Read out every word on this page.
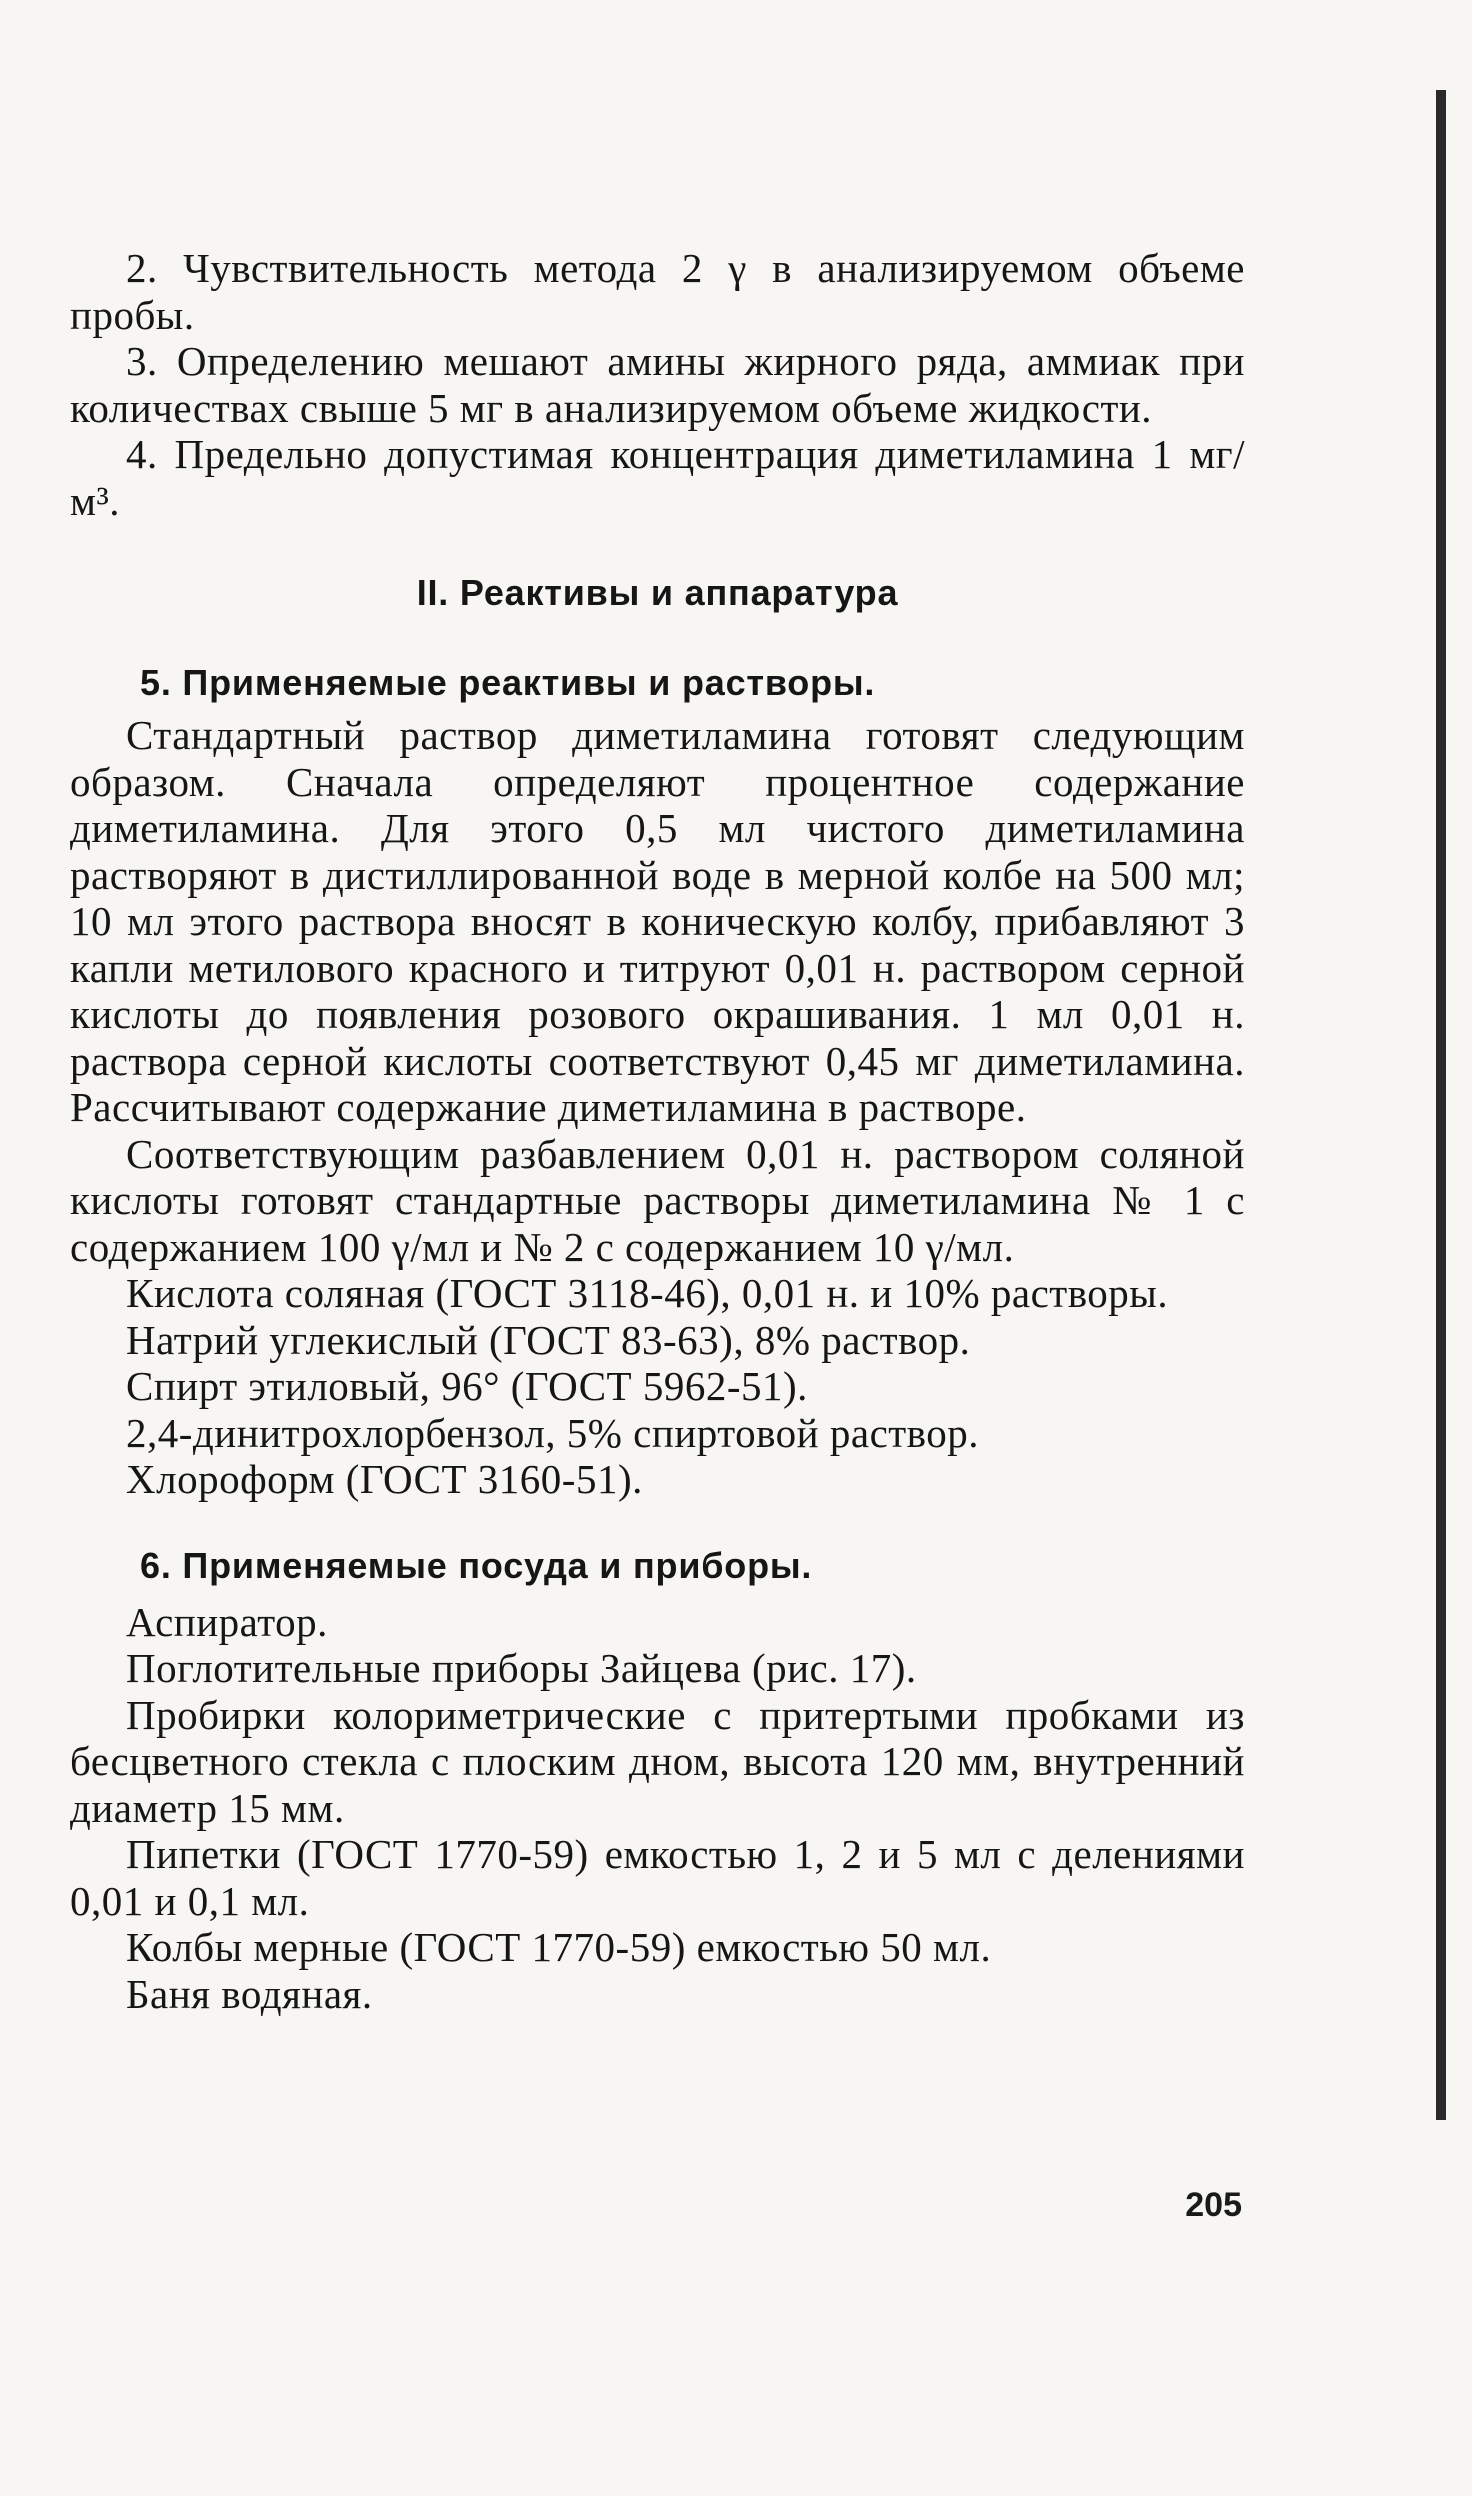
2. Чувствительность метода 2 γ в анализируемом объеме пробы.

3. Определению мешают амины жирного ряда, аммиак при количествах свыше 5 мг в анализируемом объеме жидкости.

4. Предельно допустимая концентрация диметиламина 1 мг/м³.

II. Реактивы и аппаратура
5. Применяемые реактивы и растворы.

Стандартный раствор диметиламина готовят следующим образом. Сначала определяют процентное содержание диметиламина. Для этого 0,5 мл чистого диметиламина растворяют в дистиллированной воде в мерной колбе на 500 мл; 10 мл этого раствора вносят в коническую колбу, прибавляют 3 капли метилового красного и титруют 0,01 н. раствором серной кислоты до появления розового окрашивания. 1 мл 0,01 н. раствора серной кислоты соответствуют 0,45 мг диметиламина. Рассчитывают содержание диметиламина в растворе.

Соответствующим разбавлением 0,01 н. раствором соляной кислоты готовят стандартные растворы диметиламина № 1 с содержанием 100 γ/мл и № 2 с содержанием 10 γ/мл.

Кислота соляная (ГОСТ 3118-46), 0,01 н. и 10% растворы.

Натрий углекислый (ГОСТ 83-63), 8% раствор.

Спирт этиловый, 96° (ГОСТ 5962-51).

2,4-динитрохлорбензол, 5% спиртовой раствор.

Хлороформ (ГОСТ 3160-51).

6. Применяемые посуда и приборы.

Аспиратор.

Поглотительные приборы Зайцева (рис. 17).

Пробирки колориметрические с притертыми пробками из бесцветного стекла с плоским дном, высота 120 мм, внутренний диаметр 15 мм.

Пипетки (ГОСТ 1770-59) емкостью 1, 2 и 5 мл с делениями 0,01 и 0,1 мл.

Колбы мерные (ГОСТ 1770-59) емкостью 50 мл.

Баня водяная.

205
